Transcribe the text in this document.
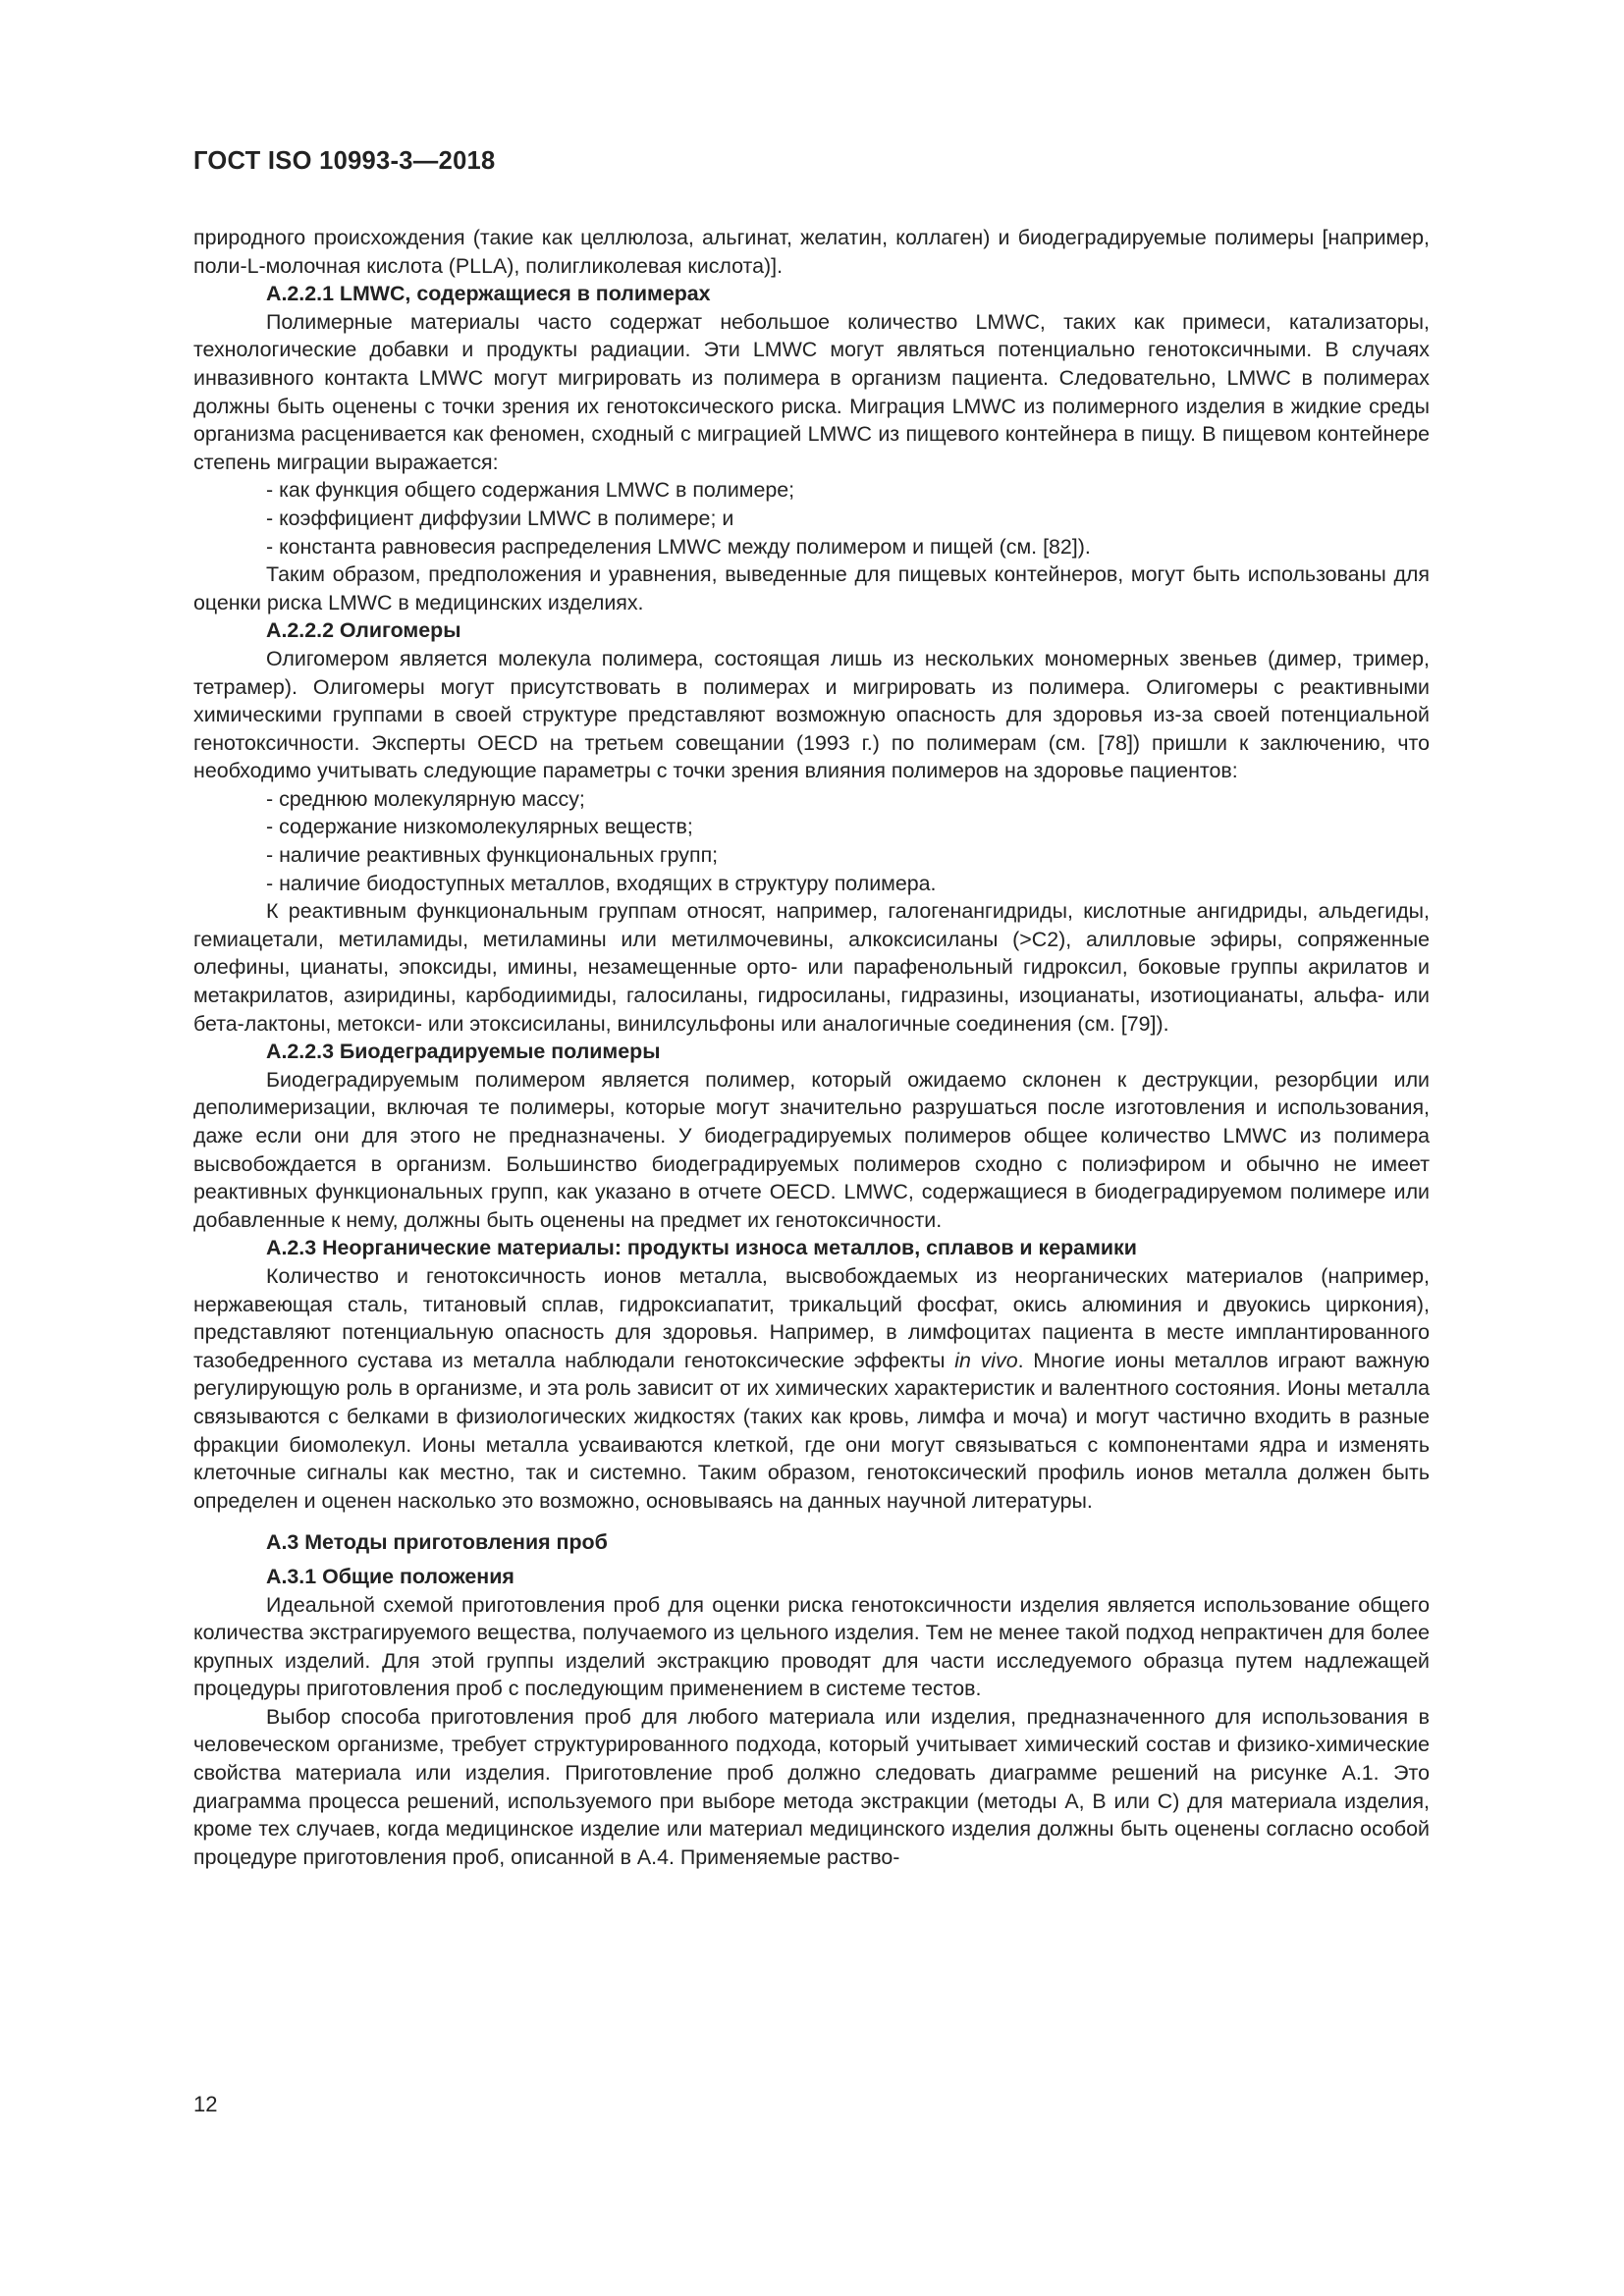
ГОСТ ISO 10993-3—2018

природного происхождения (такие как целлюлоза, альгинат, желатин, коллаген) и биодеградируемые полимеры [например, поли-L-молочная кислота (PLLA), полигликолевая кислота)].

А.2.2.1 LMWC, содержащиеся в полимерах

Полимерные материалы часто содержат небольшое количество LMWC, таких как примеси, катализаторы, технологические добавки и продукты радиации. Эти LMWC могут являться потенциально генотоксичными. В случаях инвазивного контакта LMWC могут мигрировать из полимера в организм пациента. Следовательно, LMWC в полимерах должны быть оценены с точки зрения их генотоксического риска. Миграция LMWC из полимерного изделия в жидкие среды организма расценивается как феномен, сходный с миграцией LMWC из пищевого контейнера в пищу. В пищевом контейнере степень миграции выражается:

- как функция общего содержания LMWC в полимере;
- коэффициент диффузии LMWC в полимере; и
- константа равновесия распределения LMWC между полимером и пищей (см. [82]).

Таким образом, предположения и уравнения, выведенные для пищевых контейнеров, могут быть использованы для оценки риска LMWC в медицинских изделиях.

А.2.2.2 Олигомеры

Олигомером является молекула полимера, состоящая лишь из нескольких мономерных звеньев (димер, тример, тетрамер). Олигомеры могут присутствовать в полимерах и мигрировать из полимера. Олигомеры с реактивными химическими группами в своей структуре представляют возможную опасность для здоровья из-за своей потенциальной генотоксичности. Эксперты OECD на третьем совещании (1993 г.) по полимерам (см. [78]) пришли к заключению, что необходимо учитывать следующие параметры с точки зрения влияния полимеров на здоровье пациентов:

- среднюю молекулярную массу;
- содержание низкомолекулярных веществ;
- наличие реактивных функциональных групп;
- наличие биодоступных металлов, входящих в структуру полимера.

К реактивным функциональным группам относят, например, галогенангидриды, кислотные ангидриды, альдегиды, гемиацетали, метиламиды, метиламины или метилмочевины, алкоксисиланы (>C2), алилловые эфиры, сопряженные олефины, цианаты, эпоксиды, имины, незамещенные орто- или парафенольный гидроксил, боковые группы акрилатов и метакрилатов, азиридины, карбодиимиды, галосиланы, гидросиланы, гидразины, изоцианаты, изотиоцианаты, альфа- или бета-лактоны, метокси- или этоксисиланы, винилсульфоны или аналогичные соединения (см. [79]).

А.2.2.3 Биодеградируемые полимеры

Биодеградируемым полимером является полимер, который ожидаемо склонен к деструкции, резорбции или деполимеризации, включая те полимеры, которые могут значительно разрушаться после изготовления и использования, даже если они для этого не предназначены. У биодеградируемых полимеров общее количество LMWC из полимера высвобождается в организм. Большинство биодеградируемых полимеров сходно с полиэфиром и обычно не имеет реактивных функциональных групп, как указано в отчете OECD. LMWC, содержащиеся в биодеградируемом полимере или добавленные к нему, должны быть оценены на предмет их генотоксичности.

А.2.3 Неорганические материалы: продукты износа металлов, сплавов и керамики

Количество и генотоксичность ионов металла, высвобождаемых из неорганических материалов (например, нержавеющая сталь, титановый сплав, гидроксиапатит, трикальций фосфат, окись алюминия и двуокись циркония), представляют потенциальную опасность для здоровья. Например, в лимфоцитах пациента в месте имплантированного тазобедренного сустава из металла наблюдали генотоксические эффекты in vivo. Многие ионы металлов играют важную регулирующую роль в организме, и эта роль зависит от их химических характеристик и валентного состояния. Ионы металла связываются с белками в физиологических жидкостях (таких как кровь, лимфа и моча) и могут частично входить в разные фракции биомолекул. Ионы металла усваиваются клеткой, где они могут связываться с компонентами ядра и изменять клеточные сигналы как местно, так и системно. Таким образом, генотоксический профиль ионов металла должен быть определен и оценен насколько это возможно, основываясь на данных научной литературы.

А.3 Методы приготовления проб

А.3.1 Общие положения

Идеальной схемой приготовления проб для оценки риска генотоксичности изделия является использование общего количества экстрагируемого вещества, получаемого из цельного изделия. Тем не менее такой подход непрактичен для более крупных изделий. Для этой группы изделий экстракцию проводят для части исследуемого образца путем надлежащей процедуры приготовления проб с последующим применением в системе тестов.

Выбор способа приготовления проб для любого материала или изделия, предназначенного для использования в человеческом организме, требует структурированного подхода, который учитывает химический состав и физико-химические свойства материала или изделия. Приготовление проб должно следовать диаграмме решений на рисунке А.1. Это диаграмма процесса решений, используемого при выборе метода экстракции (методы А, В или С) для материала изделия, кроме тех случаев, когда медицинское изделие или материал медицинского изделия должны быть оценены согласно особой процедуре приготовления проб, описанной в А.4. Применяемые раство-

12
